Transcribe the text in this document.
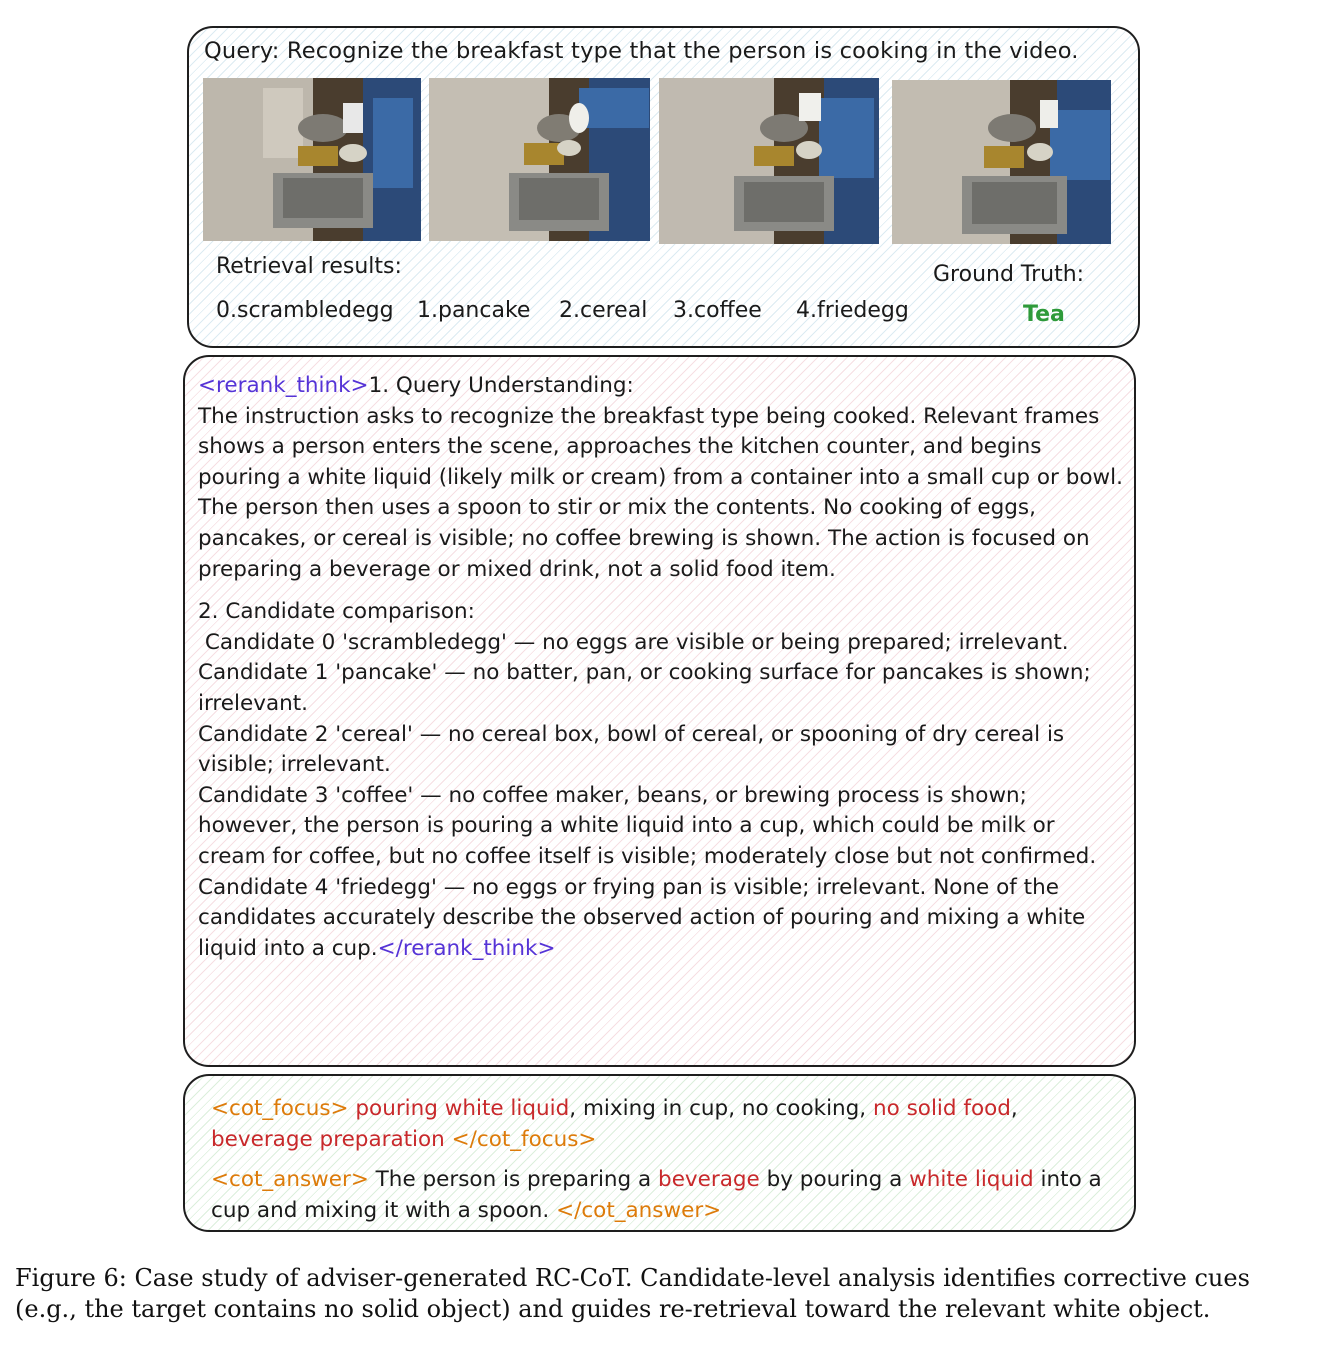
Query: Recognize the breakfast type that the person is cooking in the video.
Retrieval results:
0.scrambledegg 1.pancake 2.cereal 3.coffee 4.friedegg
Ground Truth:
Tea
<rerank_think>1. Query Understanding:
The instruction asks to recognize the breakfast type being cooked. Relevant frames shows a person enters the scene, approaches the kitchen counter, and begins pouring a white liquid (likely milk or cream) from a container into a small cup or bowl. The person then uses a spoon to stir or mix the contents. No cooking of eggs, pancakes, or cereal is visible; no coffee brewing is shown. The action is focused on preparing a beverage or mixed drink, not a solid food item.

2. Candidate comparison:
Candidate 0 'scrambledegg' — no eggs are visible or being prepared; irrelevant.
Candidate 1 'pancake' — no batter, pan, or cooking surface for pancakes is shown; irrelevant.
Candidate 2 'cereal' — no cereal box, bowl of cereal, or spooning of dry cereal is visible; irrelevant.
Candidate 3 'coffee' — no coffee maker, beans, or brewing process is shown; however, the person is pouring a white liquid into a cup, which could be milk or cream for coffee, but no coffee itself is visible; moderately close but not confirmed.
Candidate 4 'friedegg' — no eggs or frying pan is visible; irrelevant. None of the candidates accurately describe the observed action of pouring and mixing a white liquid into a cup.</rerank_think>
<cot_focus> pouring white liquid, mixing in cup, no cooking, no solid food, beverage preparation </cot_focus>
<cot_answer> The person is preparing a beverage by pouring a white liquid into a cup and mixing it with a spoon. </cot_answer>
Figure 6: Case study of adviser-generated RC-CoT. Candidate-level analysis identifies corrective cues (e.g., the target contains no solid object) and guides re-retrieval toward the relevant white object.
